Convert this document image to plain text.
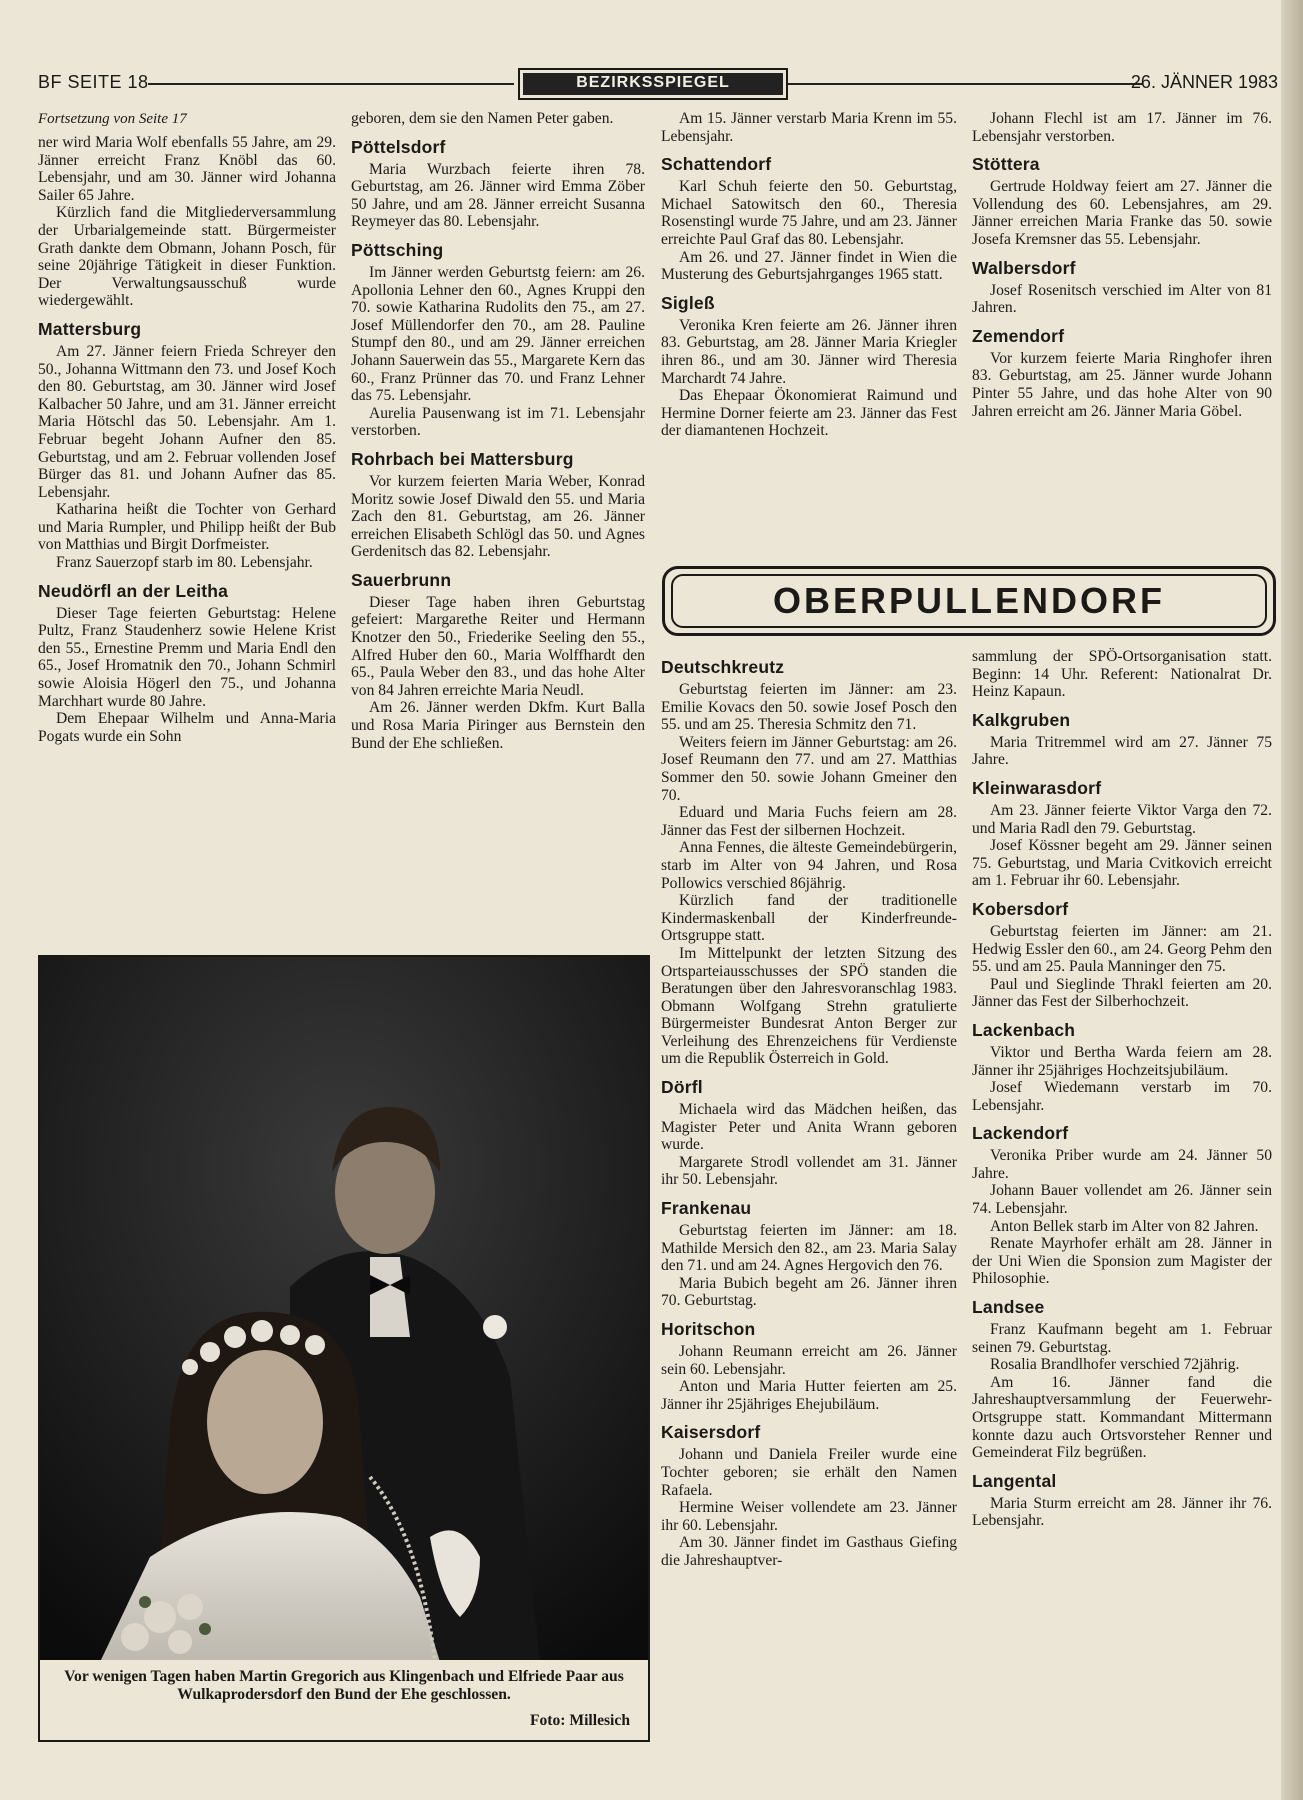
BF SEITE 18	BEZIRKSSPIEGEL	26. JÄNNER 1983
Fortsetzung von Seite 17

ner wird Maria Wolf ebenfalls 55 Jahre, am 29. Jänner erreicht Franz Knöbl das 60. Lebensjahr, und am 30. Jänner wird Johanna Sailer 65 Jahre.

Kürzlich fand die Mitgliederversammlung der Urbarialgemeinde statt. Bürgermeister Grath dankte dem Obmann, Johann Posch, für seine 20jährige Tätigkeit in dieser Funktion. Der Verwaltungsausschuß wurde wiedergewählt.

Mattersburg

Am 27. Jänner feiern Frieda Schreyer den 50., Johanna Wittmann den 73. und Josef Koch den 80. Geburtstag, am 30. Jänner wird Josef Kalbacher 50 Jahre, und am 31. Jänner erreicht Maria Hötschl das 50. Lebensjahr. Am 1. Februar begeht Johann Aufner den 85. Geburtstag, und am 2. Februar vollenden Josef Bürger das 81. und Johann Aufner das 85. Lebensjahr.

Katharina heißt die Tochter von Gerhard und Maria Rumpler, und Philipp heißt der Bub von Matthias und Birgit Dorfmeister.

Franz Sauerzopf starb im 80. Lebensjahr.

Neudörfl an der Leitha

Dieser Tage feierten Geburtstag: Helene Pultz, Franz Staudenherz sowie Helene Krist den 55., Ernestine Premm und Maria Endl den 65., Josef Hromatnik den 70., Johann Schmirl sowie Aloisia Högerl den 75., und Johanna Marchhart wurde 80 Jahre.

Dem Ehepaar Wilhelm und Anna-Maria Pogats wurde ein Sohn

geboren, dem sie den Namen Peter gaben.

Pöttelsdorf

Maria Wurzbach feierte ihren 78. Geburtstag, am 26. Jänner wird Emma Zöber 50 Jahre, und am 28. Jänner erreicht Susanna Reymeyer das 80. Lebensjahr.

Pöttsching

Im Jänner werden Geburtstg feiern: am 26. Apollonia Lehner den 60., Agnes Kruppi den 70. sowie Katharina Rudolits den 75., am 27. Josef Müllendorfer den 70., am 28. Pauline Stumpf den 80., und am 29. Jänner erreichen Johann Sauerwein das 55., Margarete Kern das 60., Franz Prünner das 70. und Franz Lehner das 75. Lebensjahr.

Aurelia Pausenwang ist im 71. Lebensjahr verstorben.

Rohrbach bei Mattersburg

Vor kurzem feierten Maria Weber, Konrad Moritz sowie Josef Diwald den 55. und Maria Zach den 81. Geburtstag, am 26. Jänner erreichen Elisabeth Schlögl das 50. und Agnes Gerdenitsch das 82. Lebensjahr.

Sauerbrunn

Dieser Tage haben ihren Geburtstag gefeiert: Margarethe Reiter und Hermann Knotzer den 50., Friederike Seeling den 55., Alfred Huber den 60., Maria Wolffhardt den 65., Paula Weber den 83., und das hohe Alter von 84 Jahren erreichte Maria Neudl.

Am 26. Jänner werden Dkfm. Kurt Balla und Rosa Maria Piringer aus Bernstein den Bund der Ehe schließen.

Am 15. Jänner verstarb Maria Krenn im 55. Lebensjahr.

Schattendorf

Karl Schuh feierte den 50. Geburtstag, Michael Satowitsch den 60., Theresia Rosenstingl wurde 75 Jahre, und am 23. Jänner erreichte Paul Graf das 80. Lebensjahr.

Am 26. und 27. Jänner findet in Wien die Musterung des Geburtsjahrganges 1965 statt.

Sigleß

Veronika Kren feierte am 26. Jänner ihren 83. Geburtstag, am 28. Jänner Maria Kriegler ihren 86., und am 30. Jänner wird Theresia Marchardt 74 Jahre.

Das Ehepaar Ökonomierat Raimund und Hermine Dorner feierte am 23. Jänner das Fest der diamantenen Hochzeit.

Johann Flechl ist am 17. Jänner im 76. Lebensjahr verstorben.

Stöttera

Gertrude Holdway feiert am 27. Jänner die Vollendung des 60. Lebensjahres, am 29. Jänner erreichen Maria Franke das 50. sowie Josefa Kremsner das 55. Lebensjahr.

Walbersdorf

Josef Rosenitsch verschied im Alter von 81 Jahren.

Zemendorf

Vor kurzem feierte Maria Ringhofer ihren 83. Geburtstag, am 25. Jänner wurde Johann Pinter 55 Jahre, und das hohe Alter von 90 Jahren erreicht am 26. Jänner Maria Göbel.

OBERPULLENDORF
Deutschkreutz

Geburtstag feierten im Jänner: am 23. Emilie Kovacs den 50. sowie Josef Posch den 55. und am 25. Theresia Schmitz den 71.

Weiters feiern im Jänner Geburtstag: am 26. Josef Reumann den 77. und am 27. Matthias Sommer den 50. sowie Johann Gmeiner den 70.

Eduard und Maria Fuchs feiern am 28. Jänner das Fest der silbernen Hochzeit.

Anna Fennes, die älteste Gemeindebürgerin, starb im Alter von 94 Jahren, und Rosa Pollowics verschied 86jährig.

Kürzlich fand der traditionelle Kindermaskenball der Kinderfreunde-Ortsgruppe statt.

Im Mittelpunkt der letzten Sitzung des Ortsparteiausschusses der SPÖ standen die Beratungen über den Jahresvoranschlag 1983. Obmann Wolfgang Strehn gratulierte Bürgermeister Bundesrat Anton Berger zur Verleihung des Ehrenzeichens für Verdienste um die Republik Österreich in Gold.

Dörfl

Michaela wird das Mädchen heißen, das Magister Peter und Anita Wrann geboren wurde.

Margarete Strodl vollendet am 31. Jänner ihr 50. Lebensjahr.

Frankenau

Geburtstag feierten im Jänner: am 18. Mathilde Mersich den 82., am 23. Maria Salay den 71. und am 24. Agnes Hergovich den 76.

Maria Bubich begeht am 26. Jänner ihren 70. Geburtstag.

Horitschon

Johann Reumann erreicht am 26. Jänner sein 60. Lebensjahr.

Anton und Maria Hutter feierten am 25. Jänner ihr 25jähriges Ehejubiläum.

Kaisersdorf

Johann und Daniela Freiler wurde eine Tochter geboren; sie erhält den Namen Rafaela.

Hermine Weiser vollendete am 23. Jänner ihr 60. Lebensjahr.

Am 30. Jänner findet im Gasthaus Giefing die Jahreshauptver-

sammlung der SPÖ-Ortsorganisation statt. Beginn: 14 Uhr. Referent: Nationalrat Dr. Heinz Kapaun.

Kalkgruben

Maria Tritremmel wird am 27. Jänner 75 Jahre.

Kleinwarasdorf

Am 23. Jänner feierte Viktor Varga den 72. und Maria Radl den 79. Geburtstag.

Josef Kössner begeht am 29. Jänner seinen 75. Geburtstag, und Maria Cvitkovich erreicht am 1. Februar ihr 60. Lebensjahr.

Kobersdorf

Geburtstag feierten im Jänner: am 21. Hedwig Essler den 60., am 24. Georg Pehm den 55. und am 25. Paula Manninger den 75.

Paul und Sieglinde Thrakl feierten am 20. Jänner das Fest der Silberhochzeit.

Lackenbach

Viktor und Bertha Warda feiern am 28. Jänner ihr 25jähriges Hochzeitsjubiläum.

Josef Wiedemann verstarb im 70. Lebensjahr.

Lackendorf

Veronika Priber wurde am 24. Jänner 50 Jahre.

Johann Bauer vollendet am 26. Jänner sein 74. Lebensjahr.

Anton Bellek starb im Alter von 82 Jahren.

Renate Mayrhofer erhält am 28. Jänner in der Uni Wien die Sponsion zum Magister der Philosophie.

Landsee

Franz Kaufmann begeht am 1. Februar seinen 79. Geburtstag.

Rosalia Brandlhofer verschied 72jährig.

Am 16. Jänner fand die Jahreshauptversammlung der Feuerwehr-Ortsgruppe statt. Kommandant Mittermann konnte dazu auch Ortsvorsteher Renner und Gemeinderat Filz begrüßen.

Langental

Maria Sturm erreicht am 28. Jänner ihr 76. Lebensjahr.

Vor wenigen Tagen haben Martin Gregorich aus Klingenbach und Elfriede Paar aus Wulkaprodersdorf den Bund der Ehe geschlossen.
Foto: Millesich
